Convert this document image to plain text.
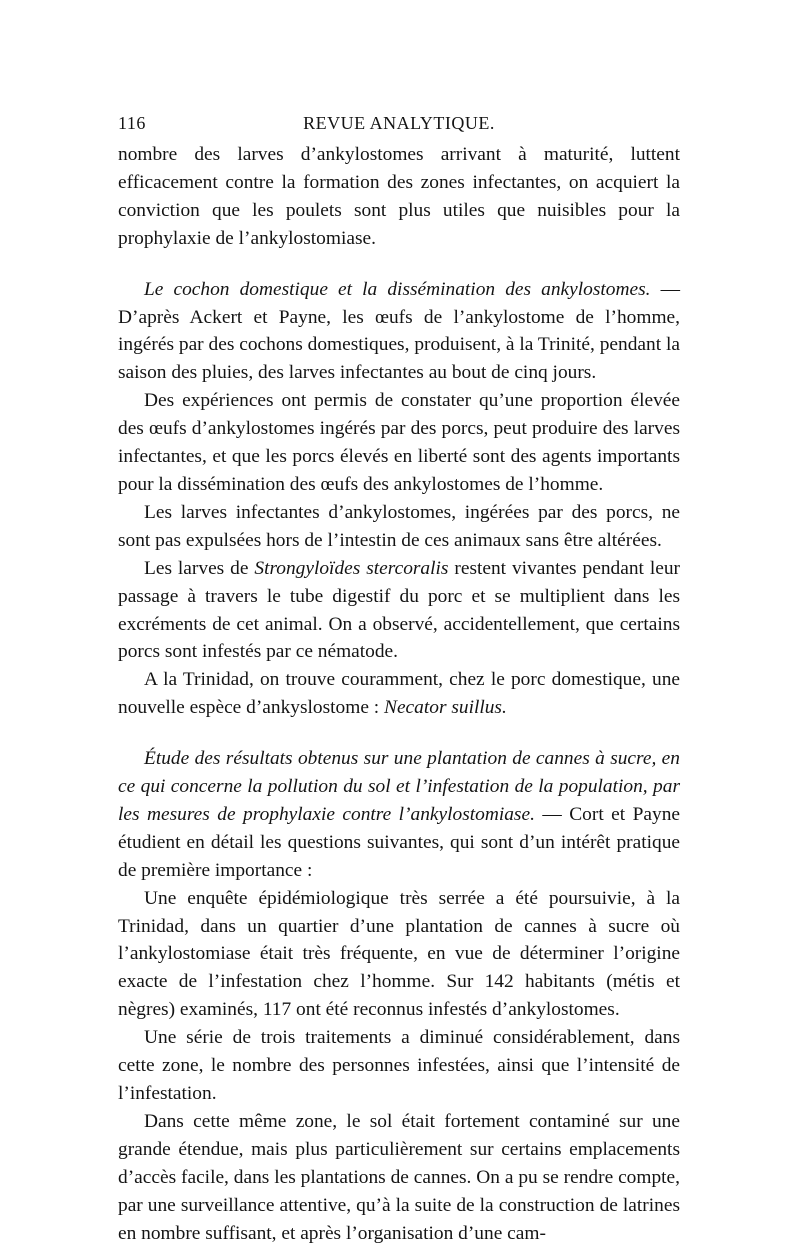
116	REVUE ANALYTIQUE.

nombre des larves d’ankylostomes arrivant à maturité, luttent efficacement contre la formation des zones infectantes, on acquiert la conviction que les poulets sont plus utiles que nuisibles pour la prophylaxie de l’ankylostomiase.

Le cochon domestique et la dissémination des ankylostomes. — D’après Ackert et Payne, les œufs de l’ankylostome de l’homme, ingérés par des cochons domestiques, produisent, à la Trinité, pendant la saison des pluies, des larves infectantes au bout de cinq jours.

Des expériences ont permis de constater qu’une proportion élevée des œufs d’ankylostomes ingérés par des porcs, peut produire des larves infectantes, et que les porcs élevés en liberté sont des agents importants pour la dissémination des œufs des ankylostomes de l’homme.

Les larves infectantes d’ankylostomes, ingérées par des porcs, ne sont pas expulsées hors de l’intestin de ces animaux sans être altérées.

Les larves de Strongyloïdes stercoralis restent vivantes pendant leur passage à travers le tube digestif du porc et se multiplient dans les excréments de cet animal. On a observé, accidentellement, que certains porcs sont infestés par ce nématode.

A la Trinidad, on trouve couramment, chez le porc domestique, une nouvelle espèce d’ankyslostome : Necator suillus.

Étude des résultats obtenus sur une plantation de cannes à sucre, en ce qui concerne la pollution du sol et l’infestation de la population, par les mesures de prophylaxie contre l’ankylostomiase. — Cort et Payne étudient en détail les questions suivantes, qui sont d’un intérêt pratique de première importance :

Une enquête épidémiologique très serrée a été poursuivie, à la Trinidad, dans un quartier d’une plantation de cannes à sucre où l’ankylostomiase était très fréquente, en vue de déterminer l’origine exacte de l’infestation chez l’homme. Sur 142 habitants (métis et nègres) examinés, 117 ont été reconnus infestés d’ankylostomes.

Une série de trois traitements a diminué considérablement, dans cette zone, le nombre des personnes infestées, ainsi que l’intensité de l’infestation.

Dans cette même zone, le sol était fortement contaminé sur une grande étendue, mais plus particulièrement sur certains emplacements d’accès facile, dans les plantations de cannes. On a pu se rendre compte, par une surveillance attentive, qu’à la suite de la construction de latrines en nombre suffisant, et après l’organisation d’une cam-
